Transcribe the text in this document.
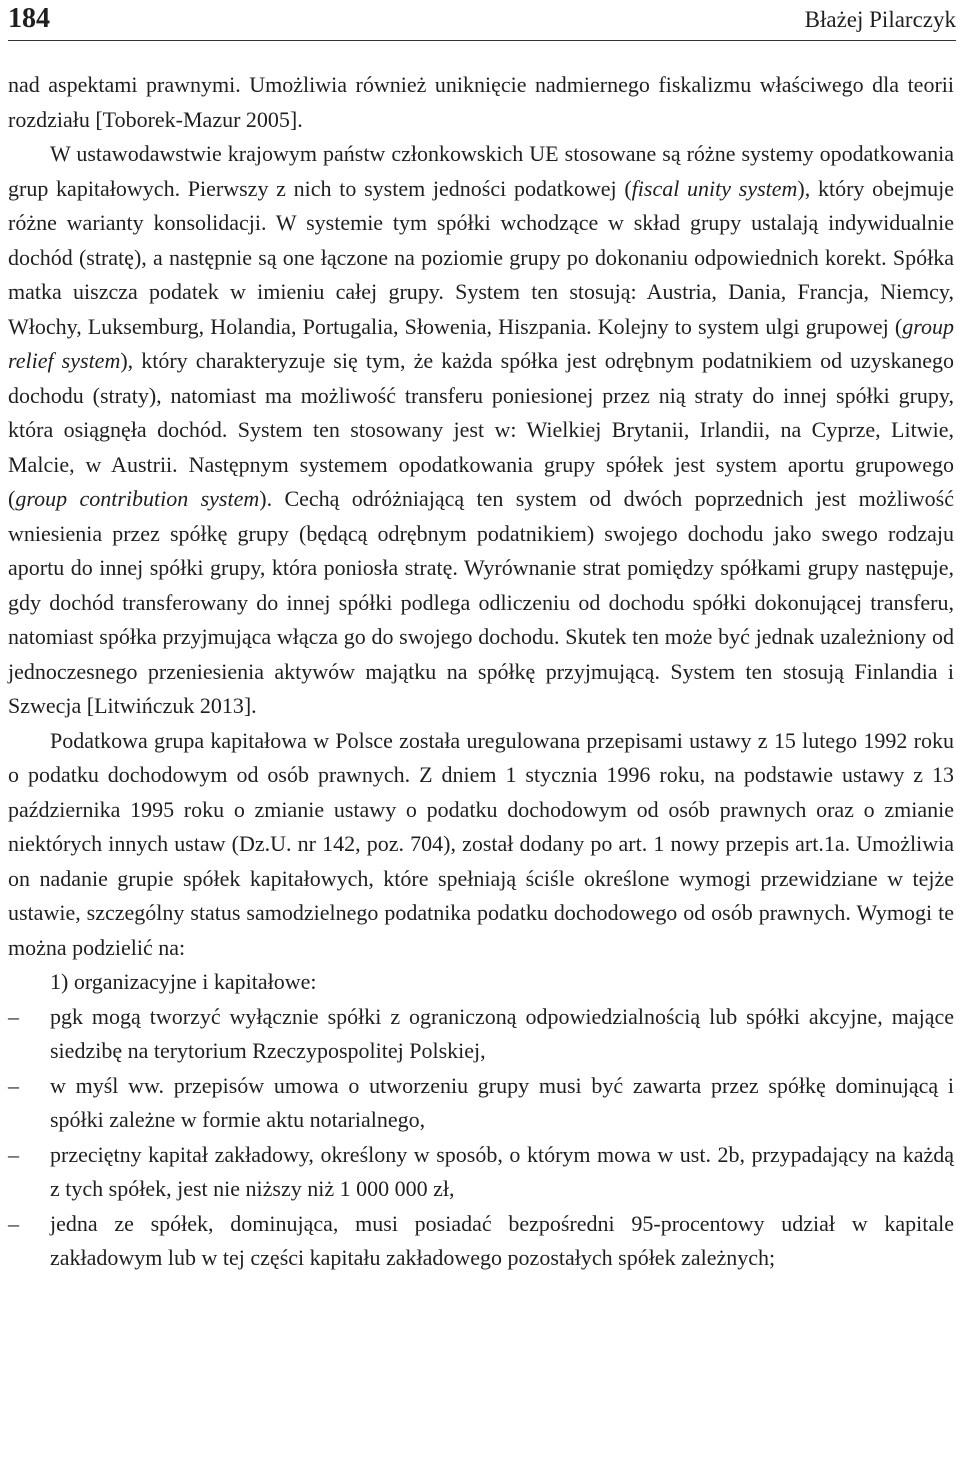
184	Błażej Pilarczyk

nad aspektami prawnymi. Umożliwia również uniknięcie nadmiernego fiskalizmu właściwego dla teorii rozdziału [Toborek-Mazur 2005].

W ustawodawstwie krajowym państw członkowskich UE stosowane są różne systemy opodatkowania grup kapitałowych. Pierwszy z nich to system jedności podatkowej (fiscal unity system), który obejmuje różne warianty konsolidacji. W systemie tym spółki wchodzące w skład grupy ustalają indywidualnie dochód (stratę), a następnie są one łączone na poziomie grupy po dokonaniu odpowiednich korekt. Spółka matka uiszcza podatek w imieniu całej grupy. System ten stosują: Austria, Dania, Francja, Niemcy, Włochy, Luksemburg, Holandia, Portugalia, Słowenia, Hiszpania. Kolejny to system ulgi grupowej (group relief system), który charakteryzuje się tym, że każda spółka jest odrębnym podatnikiem od uzyskanego dochodu (straty), natomiast ma możliwość transferu poniesionej przez nią straty do innej spółki grupy, która osiągnęła dochód. System ten stosowany jest w: Wielkiej Brytanii, Irlandii, na Cyprze, Litwie, Malcie, w Austrii. Następnym systemem opodatkowania grupy spółek jest system aportu grupowego (group contribution system). Cechą odróżniającą ten system od dwóch poprzednich jest możliwość wniesienia przez spółkę grupy (będącą odrębnym podatnikiem) swojego dochodu jako swego rodzaju aportu do innej spółki grupy, która poniosła stratę. Wyrównanie strat pomiędzy spółkami grupy następuje, gdy dochód transferowany do innej spółki podlega odliczeniu od dochodu spółki dokonującej transferu, natomiast spółka przyjmująca włącza go do swojego dochodu. Skutek ten może być jednak uzależniony od jednoczesnego przeniesienia aktywów majątku na spółkę przyjmującą. System ten stosują Finlandia i Szwecja [Litwińczuk 2013].

Podatkowa grupa kapitałowa w Polsce została uregulowana przepisami ustawy z 15 lutego 1992 roku o podatku dochodowym od osób prawnych. Z dniem 1 stycznia 1996 roku, na podstawie ustawy z 13 października 1995 roku o zmianie ustawy o podatku dochodowym od osób prawnych oraz o zmianie niektórych innych ustaw (Dz.U. nr 142, poz. 704), został dodany po art. 1 nowy przepis art.1a. Umożliwia on nadanie grupie spółek kapitałowych, które spełniają ściśle określone wymogi przewidziane w tejże ustawie, szczególny status samodzielnego podatnika podatku dochodowego od osób prawnych. Wymogi te można podzielić na:

1) organizacyjne i kapitałowe:

– pgk mogą tworzyć wyłącznie spółki z ograniczoną odpowiedzialnością lub spółki akcyjne, mające siedzibę na terytorium Rzeczypospolitej Polskiej,

– w myśl ww. przepisów umowa o utworzeniu grupy musi być zawarta przez spółkę dominującą i spółki zależne w formie aktu notarialnego,

– przeciętny kapitał zakładowy, określony w sposób, o którym mowa w ust. 2b, przypadający na każdą z tych spółek, jest nie niższy niż 1 000 000 zł,

– jedna ze spółek, dominująca, musi posiadać bezpośredni 95-procentowy udział w kapitale zakładowym lub w tej części kapitału zakładowego pozostałych spółek zależnych;
